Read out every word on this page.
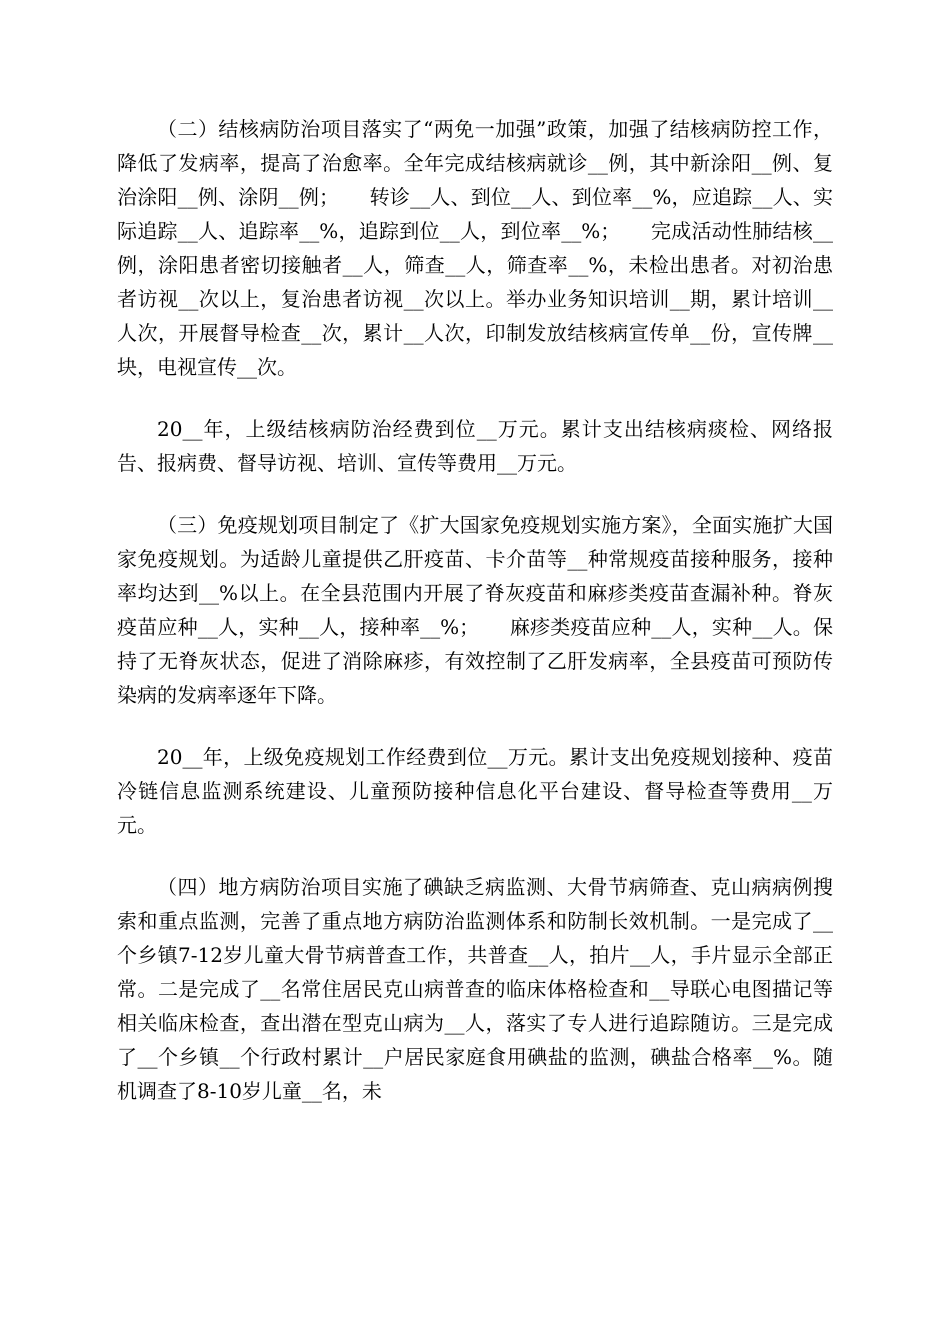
（二）结核病防治项目落实了“两免一加强”政策，加强了结核病防控工作，降低了发病率，提高了治愈率。全年完成结核病就诊__例，其中新涂阳__例、复治涂阳__例、涂阴__例；　　转诊__人、到位__人、到位率__%，应追踪__人、实际追踪__人、追踪率__%，追踪到位__人，到位率__%；　　完成活动性肺结核__例，涂阳患者密切接触者__人，筛查__人，筛查率__%，未检出患者。对初治患者访视__次以上，复治患者访视__次以上。举办业务知识培训__期，累计培训__人次，开展督导检查__次，累计__人次，印制发放结核病宣传单__份，宣传牌__块，电视宣传__次。

20__年，上级结核病防治经费到位__万元。累计支出结核病痰检、网络报告、报病费、督导访视、培训、宣传等费用__万元。

（三）免疫规划项目制定了《扩大国家免疫规划实施方案》，全面实施扩大国家免疫规划。为适龄儿童提供乙肝疫苗、卡介苗等__种常规疫苗接种服务，接种率均达到__%以上。在全县范围内开展了脊灰疫苗和麻疹类疫苗查漏补种。脊灰疫苗应种__人，实种__人，接种率__%；　　麻疹类疫苗应种__人，实种__人。保持了无脊灰状态，促进了消除麻疹，有效控制了乙肝发病率，全县疫苗可预防传染病的发病率逐年下降。

20__年，上级免疫规划工作经费到位__万元。累计支出免疫规划接种、疫苗冷链信息监测系统建设、儿童预防接种信息化平台建设、督导检查等费用__万元。

（四）地方病防治项目实施了碘缺乏病监测、大骨节病筛查、克山病病例搜索和重点监测，完善了重点地方病防治监测体系和防制长效机制。一是完成了__个乡镇7-12岁儿童大骨节病普查工作，共普查__人，拍片__人，手片显示全部正常。二是完成了__名常住居民克山病普查的临床体格检查和__导联心电图描记等相关临床检查，查出潜在型克山病为__人，落实了专人进行追踪随访。三是完成了__个乡镇__个行政村累计__户居民家庭食用碘盐的监测，碘盐合格率__%。随机调查了8-10岁儿童__名，未
